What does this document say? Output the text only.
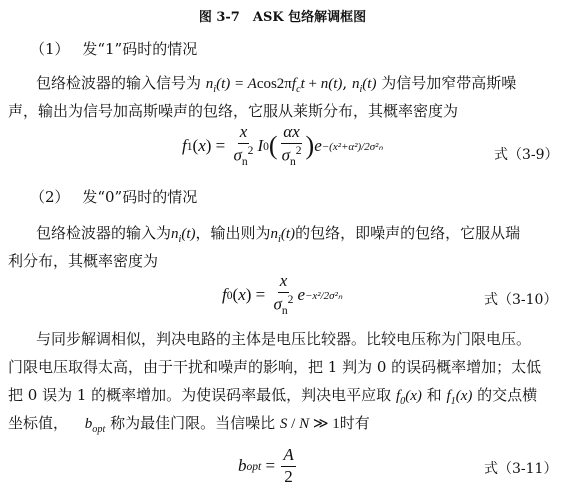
图 3-7　ASK 包络解调框图
（1） 发“1”码时的情况
包络检波器的输入信号为 $n_i(t) = Acos2\pi f_ct + n(t)$, $n_i(t)$ 为信号加窄带高斯噪
声，输出为信号加高斯噪声的包络，它服从莱斯分布，其概率密度为
f 1 ( x ) = $\frac{x}{\sigma_n^2}$ I 0 ( $\frac{\alpha x}{\sigma_n^2}$ ) e −(x²+α²)/2σ²ₙ
式（3-9）
（2） 发“0”码时的情况
包络检波器的输入为$n_i(t)$，输出则为$n_i(t)$的包络，即噪声的包络，它服从瑞
利分布，其概率密度为
f 0 ( x ) = $\frac{x}{\sigma_n^2}$ e −x²/2σ²ₙ	式（3-10）
与同步解调相似，判决电路的主体是电压比较器。比较电压称为门限电压。
门限电压取得太高，由于干扰和噪声的影响，把 1 判为 0 的误码概率增加；太低
把 0 误为 1 的概率增加。为使误码率最低，判决电平应取 $f_0(x)$ 和 $f_1(x)$ 的交点横
坐标值， $b_{opt}$ 称为最佳门限。当信噪比 S / N ≫ 1时有
b opt = $\frac{A}{2}$	式（3-11）
